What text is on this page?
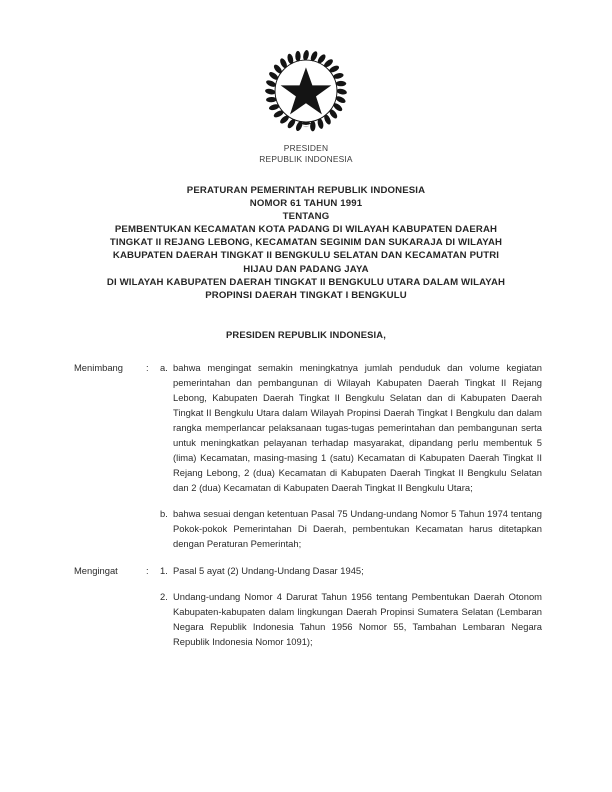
PRESIDEN
REPUBLIK INDONESIA
PERATURAN PEMERINTAH REPUBLIK INDONESIA
NOMOR 61 TAHUN 1991
TENTANG
PEMBENTUKAN KECAMATAN KOTA PADANG DI WILAYAH KABUPATEN DAERAH
TINGKAT II REJANG LEBONG, KECAMATAN SEGINIM DAN SUKARAJA DI WILAYAH
KABUPATEN DAERAH TINGKAT II BENGKULU SELATAN DAN KECAMATAN PUTRI
HIJAU DAN PADANG JAYA
DI WILAYAH KABUPATEN DAERAH TINGKAT II BENGKULU UTARA DALAM WILAYAH
PROPINSI DAERAH TINGKAT I BENGKULU
PRESIDEN REPUBLIK INDONESIA,
Menimbang	:	a. bahwa mengingat semakin meningkatnya jumlah penduduk dan volume kegiatan pemerintahan dan pembangunan di Wilayah Kabupaten Daerah Tingkat II Rejang Lebong, Kabupaten Daerah Tingkat II Bengkulu Selatan dan di Kabupaten Daerah Tingkat II Bengkulu Utara dalam Wilayah Propinsi Daerah Tingkat I Bengkulu dan dalam rangka memperlancar pelaksanaan tugas-tugas pemerintahan dan pembangunan serta untuk meningkatkan pelayanan terhadap masyarakat, dipandang perlu membentuk 5 (lima) Kecamatan, masing-masing 1 (satu) Kecamatan di Kabupaten Daerah Tingkat II Rejang Lebong, 2 (dua) Kecamatan di Kabupaten Daerah Tingkat II Bengkulu Selatan dan 2 (dua) Kecamatan di Kabupaten Daerah Tingkat II Bengkulu Utara;
b. bahwa sesuai dengan ketentuan Pasal 75 Undang-undang Nomor 5 Tahun 1974 tentang Pokok-pokok Pemerintahan Di Daerah, pembentukan Kecamatan harus ditetapkan dengan Peraturan Pemerintah;
Mengingat	:	1. Pasal 5 ayat (2) Undang-Undang Dasar 1945;
2. Undang-undang Nomor 4 Darurat Tahun 1956 tentang Pembentukan Daerah Otonom Kabupaten-kabupaten dalam lingkungan Daerah Propinsi Sumatera Selatan (Lembaran Negara Republik Indonesia Tahun 1956 Nomor 55, Tambahan Lembaran Negara Republik Indonesia Nomor 1091);
